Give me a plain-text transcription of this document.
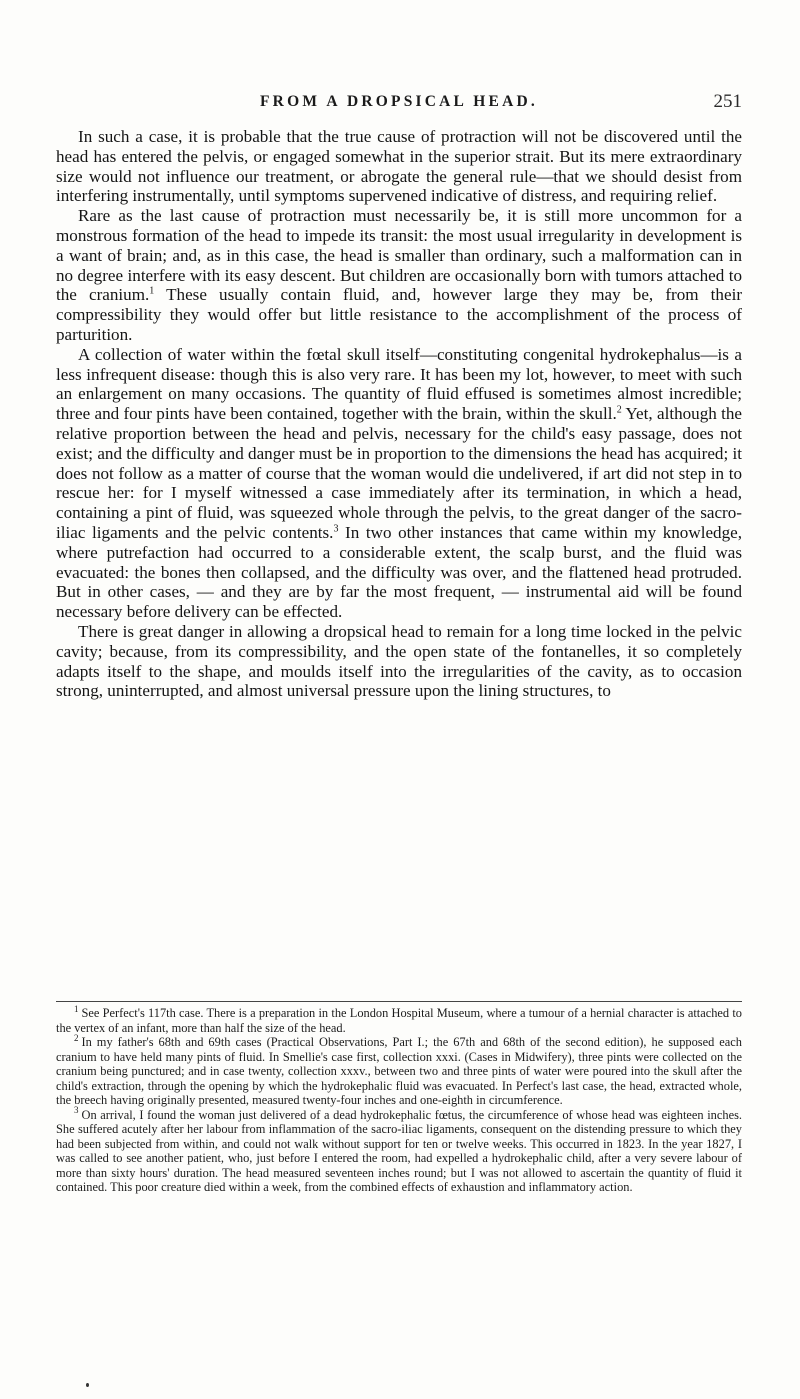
FROM A DROPSICAL HEAD.	251

In such a case, it is probable that the true cause of protraction will not be discovered until the head has entered the pelvis, or engaged somewhat in the superior strait. But its mere extraordinary size would not influence our treatment, or abrogate the general rule—that we should desist from interfering instrumentally, until symptoms supervened indicative of distress, and requiring relief.

Rare as the last cause of protraction must necessarily be, it is still more uncommon for a monstrous formation of the head to impede its transit: the most usual irregularity in development is a want of brain; and, as in this case, the head is smaller than ordinary, such a malformation can in no degree interfere with its easy descent. But children are occasionally born with tumors attached to the cranium.$^1$ These usually contain fluid, and, however large they may be, from their compressibility they would offer but little resistance to the accomplishment of the process of parturition.

A collection of water within the fœtal skull itself—constituting congenital hydrokephalus—is a less infrequent disease: though this is also very rare. It has been my lot, however, to meet with such an enlargement on many occasions. The quantity of fluid effused is sometimes almost incredible; three and four pints have been contained, together with the brain, within the skull.$^2$ Yet, although the relative proportion between the head and pelvis, necessary for the child's easy passage, does not exist; and the difficulty and danger must be in proportion to the dimensions the head has acquired; it does not follow as a matter of course that the woman would die undelivered, if art did not step in to rescue her: for I myself witnessed a case immediately after its termination, in which a head, containing a pint of fluid, was squeezed whole through the pelvis, to the great danger of the sacro-iliac ligaments and the pelvic contents.$^3$ In two other instances that came within my knowledge, where putrefaction had occurred to a considerable extent, the scalp burst, and the fluid was evacuated: the bones then collapsed, and the difficulty was over, and the flattened head protruded. But in other cases, — and they are by far the most frequent, — instrumental aid will be found necessary before delivery can be effected.

There is great danger in allowing a dropsical head to remain for a long time locked in the pelvic cavity; because, from its compressibility, and the open state of the fontanelles, it so completely adapts itself to the shape, and moulds itself into the irregularities of the cavity, as to occasion strong, uninterrupted, and almost universal pressure upon the lining structures, to

$^1$ See Perfect's 117th case. There is a preparation in the London Hospital Museum, where a tumour of a hernial character is attached to the vertex of an infant, more than half the size of the head.

$^2$ In my father's 68th and 69th cases (Practical Observations, Part I.; the 67th and 68th of the second edition), he supposed each cranium to have held many pints of fluid. In Smellie's case first, collection xxxi. (Cases in Midwifery), three pints were collected on the cranium being punctured; and in case twenty, collection xxxv., between two and three pints of water were poured into the skull after the child's extraction, through the opening by which the hydrokephalic fluid was evacuated. In Perfect's last case, the head, extracted whole, the breech having originally presented, measured twenty-four inches and one-eighth in circumference.

$^3$ On arrival, I found the woman just delivered of a dead hydrokephalic fœtus, the circumference of whose head was eighteen inches. She suffered acutely after her labour from inflammation of the sacro-iliac ligaments, consequent on the distending pressure to which they had been subjected from within, and could not walk without support for ten or twelve weeks. This occurred in 1823. In the year 1827, I was called to see another patient, who, just before I entered the room, had expelled a hydrokephalic child, after a very severe labour of more than sixty hours' duration. The head measured seventeen inches round; but I was not allowed to ascertain the quantity of fluid it contained. This poor creature died within a week, from the combined effects of exhaustion and inflammatory action.
